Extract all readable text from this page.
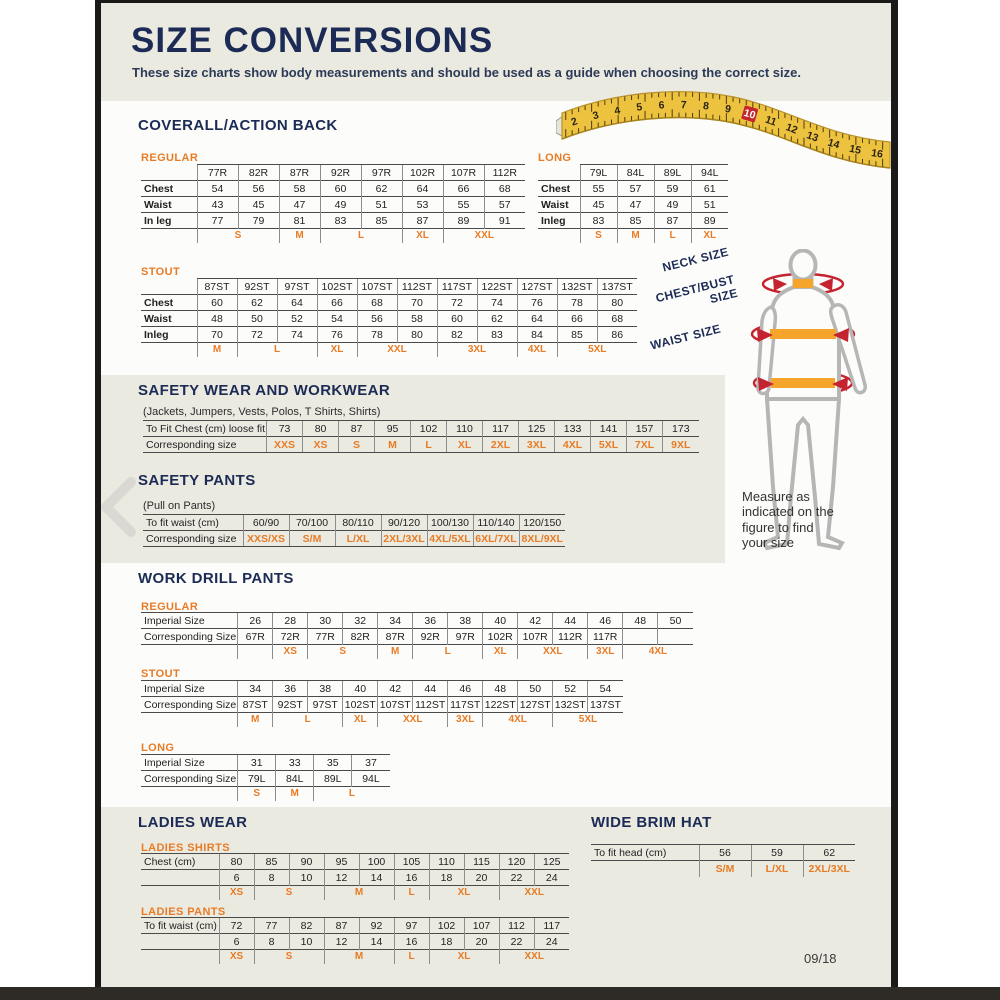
SIZE CONVERSIONS
These size charts show body measurements and should be used as a guide when choosing the correct size.
2 3 4 5 6 7 8 9 10 11
12
13 14 15 16
COVERALL/ACTION BACK
REGULAR
	77R	82R	87R	92R	97R	102R	107R	112R
Chest	54	56	58	60	62	64	66	68
Waist	43	45	47	49	51	53	55	57
In leg	77	79	81	83	85	87	89	91
	S		M	L		XL	XXL	
LONG
	79L	84L	89L	94L
Chest	55	57	59	61
Waist	45	47	49	51
Inleg	83	85	87	89
	S	M	L	XL
STOUT
	87ST	92ST	97ST	102ST	107ST	112ST	117ST	122ST	127ST	132ST	137ST
Chest	60	62	64	66	68	70	72	74	76	78	80
Waist	48	50	52	54	56	58	60	62	64	66	68
Inleg	70	72	74	76	78	80	82	83	84	85	86
	M	L		XL	XXL		3XL		4XL	5XL	
NECK SIZE
CHEST/BUST SIZE
WAIST SIZE
Measure as indicated on the figure to find your size
SAFETY WEAR AND WORKWEAR
(Jackets, Jumpers, Vests, Polos, T Shirts, Shirts)
To Fit Chest (cm) loose fit	73	80	87	95	102	110	117	125	133	141	157	173
Corresponding size	XXS	XS	S	M	L	XL	2XL	3XL	4XL	5XL	7XL	9XL
SAFETY PANTS
(Pull on Pants)
To fit waist (cm)	60/90	70/100	80/110	90/120	100/130	110/140	120/150
Corresponding size	XXS/XS	S/M	L/XL	2XL/3XL	4XL/5XL	6XL/7XL	8XL/9XL
WORK DRILL PANTS
REGULAR
Imperial Size	26	28	30	32	34	36	38	40	42	44	46	48	50
Corresponding Size	67R	72R	77R	82R	87R	92R	97R	102R	107R	112R	117R		
		XS	S		M	L		XL	XXL		3XL	4XL	
STOUT
Imperial Size	34	36	38	40	42	44	46	48	50	52	54
Corresponding Size	87ST	92ST	97ST	102ST	107ST	112ST	117ST	122ST	127ST	132ST	137ST
	M	L		XL	XXL		3XL	4XL		5XL	
LONG
Imperial Size	31	33	35	37
Corresponding Size	79L	84L	89L	94L
	S	M	L	
LADIES WEAR
LADIES SHIRTS
Chest (cm)	80	85	90	95	100	105	110	115	120	125
	6	8	10	12	14	16	18	20	22	24
	XS	S		M		L	XL		XXL	
LADIES PANTS
To fit waist (cm)	72	77	82	87	92	97	102	107	112	117
	6	8	10	12	14	16	18	20	22	24
	XS	S		M		L	XL		XXL	
WIDE BRIM HAT
To fit head (cm)	56	59	62
	S/M	L/XL	2XL/3XL
09/18
